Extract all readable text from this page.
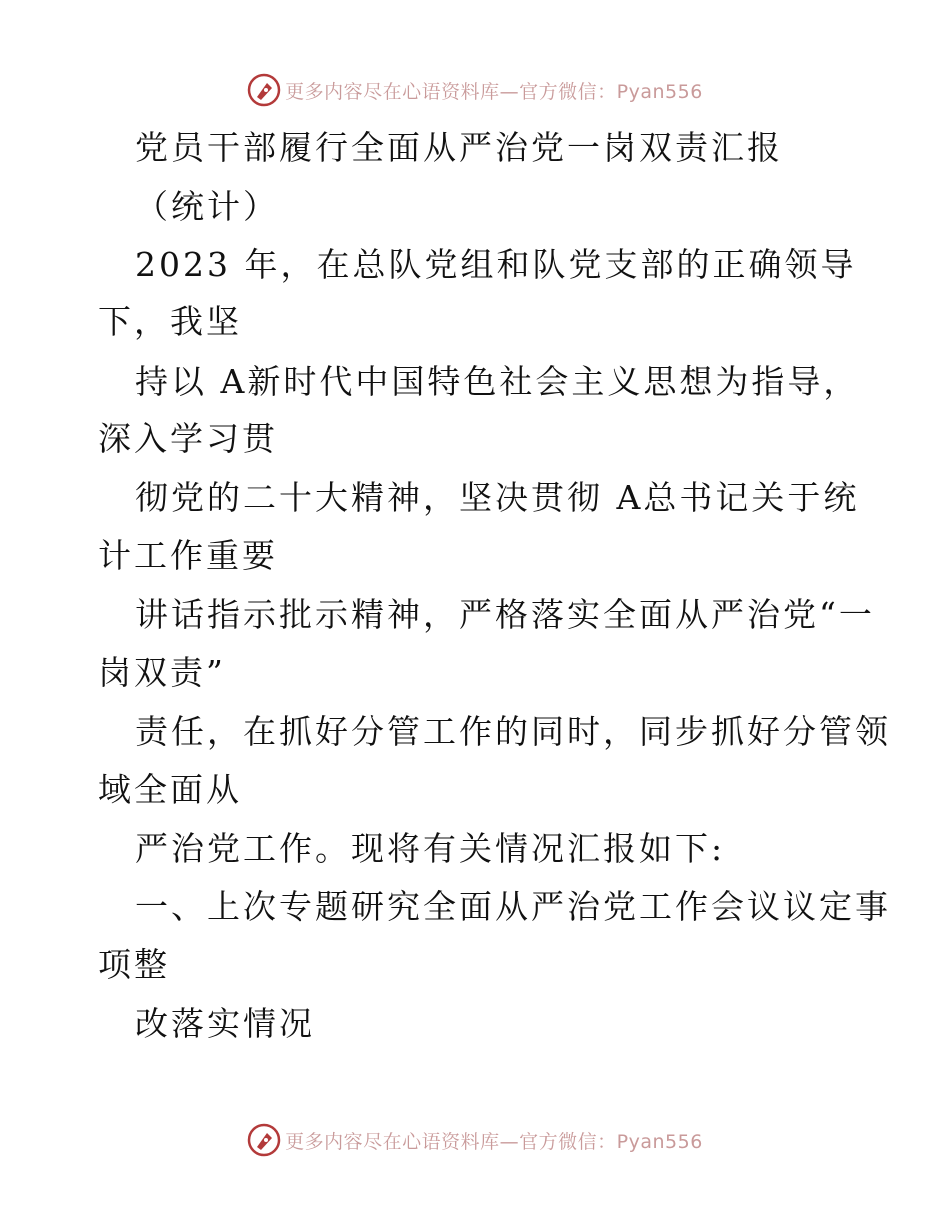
更多内容尽在心语资料库—官方微信：Pyan556

党员干部履行全面从严治党一岗双责汇报

（统计）

2023 年，在总队党组和队党支部的正确领导

下，我坚

持以 A新时代中国特色社会主义思想为指导，

深入学习贯

彻党的二十大精神，坚决贯彻 A总书记关于统

计工作重要

讲话指示批示精神，严格落实全面从严治党“一

岗双责”

责任，在抓好分管工作的同时，同步抓好分管领

域全面从

严治党工作。现将有关情况汇报如下:

一、上次专题研究全面从严治党工作会议议定事

项整

改落实情况

更多内容尽在心语资料库—官方微信：Pyan556
